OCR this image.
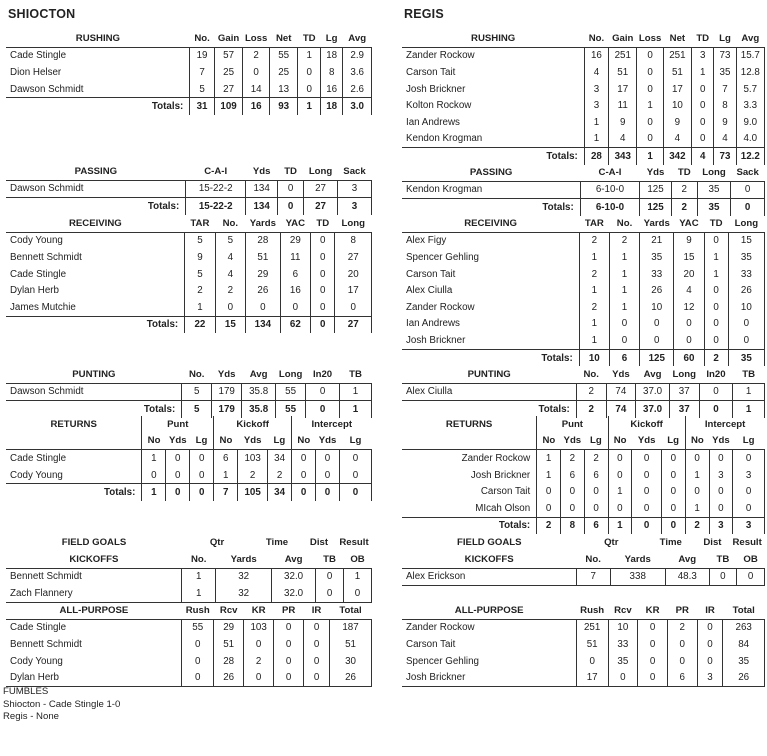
SHIOCTON
RUSHING	No.	Gain	Loss	Net	TD	Lg	Avg
Cade Stingle	19	57	2	55	1	18	2.9
Dion Helser	7	25	0	25	0	8	3.6
Dawson Schmidt	5	27	14	13	0	16	2.6
Totals:	31	109	16	93	1	18	3.0
PASSING	C-A-I	Yds	TD	Long	Sack
Dawson Schmidt	15-22-2	134	0	27	3
Totals:	15-22-2	134	0	27	3
RECEIVING	TAR	No.	Yards	YAC	TD	Long
Cody Young	5	5	28	29	0	8
Bennett Schmidt	9	4	51	11	0	27
Cade Stingle	5	4	29	6	0	20
Dylan Herb	2	2	26	16	0	17
James Mutchie	1	0	0	0	0	0
Totals:	22	15	134	62	0	27
PUNTING	No.	Yds	Avg	Long	In20	TB
Dawson Schmidt	5	179	35.8	55	0	1
Totals:	5	179	35.8	55	0	1
RETURNS	Punt			Kickoff			Intercept		
	No	Yds	Lg	No	Yds	Lg	No	Yds	Lg
Cade Stingle	1	0	0	6	103	34	0	0	0
Cody Young	0	0	0	1	2	2	0	0	0
Totals:	1	0	0	7	105	34	0	0	0
FIELD GOALS	Qtr	Time	Dist	Result
KICKOFFS	No.	Yards	Avg	TB	OB
Bennett Schmidt	1	32	32.0	0	1
Zach Flannery	1	32	32.0	0	0
ALL-PURPOSE	Rush	Rcv	KR	PR	IR	Total
Cade Stingle	55	29	103	0	0	187
Bennett Schmidt	0	51	0	0	0	51
Cody Young	0	28	2	0	0	30
Dylan Herb	0	26	0	0	0	26
REGIS
RUSHING	No.	Gain	Loss	Net	TD	Lg	Avg
Zander Rockow	16	251	0	251	3	73	15.7
Carson Tait	4	51	0	51	1	35	12.8
Josh Brickner	3	17	0	17	0	7	5.7
Kolton Rockow	3	11	1	10	0	8	3.3
Ian Andrews	1	9	0	9	0	9	9.0
Kendon Krogman	1	4	0	4	0	4	4.0
Totals:	28	343	1	342	4	73	12.2
PASSING	C-A-I	Yds	TD	Long	Sack
Kendon Krogman	6-10-0	125	2	35	0
Totals:	6-10-0	125	2	35	0
RECEIVING	TAR	No.	Yards	YAC	TD	Long
Alex Figy	2	2	21	9	0	15
Spencer Gehling	1	1	35	15	1	35
Carson Tait	2	1	33	20	1	33
Alex Ciulla	1	1	26	4	0	26
Zander Rockow	2	1	10	12	0	10
Ian Andrews	1	0	0	0	0	0
Josh Brickner	1	0	0	0	0	0
Totals:	10	6	125	60	2	35
PUNTING	No.	Yds	Avg	Long	In20	TB
Alex Ciulla	2	74	37.0	37	0	1
Totals:	2	74	37.0	37	0	1
RETURNS	Punt			Kickoff			Intercept		
	No	Yds	Lg	No	Yds	Lg	No	Yds	Lg
Zander Rockow	1	2	2	0	0	0	0	0	0
Josh Brickner	1	6	6	0	0	0	1	3	3
Carson Tait	0	0	0	1	0	0	0	0	0
MIcah Olson	0	0	0	0	0	0	1	0	0
Totals:	2	8	6	1	0	0	2	3	3
FIELD GOALS	Qtr	Time	Dist	Result
KICKOFFS	No.	Yards	Avg	TB	OB
Alex Erickson	7	338	48.3	0	0
ALL-PURPOSE	Rush	Rcv	KR	PR	IR	Total
Zander Rockow	251	10	0	2	0	263
Carson Tait	51	33	0	0	0	84
Spencer Gehling	0	35	0	0	0	35
Josh Brickner	17	0	0	6	3	26
FUMBLES
Shiocton - Cade Stingle 1-0
Regis - None
